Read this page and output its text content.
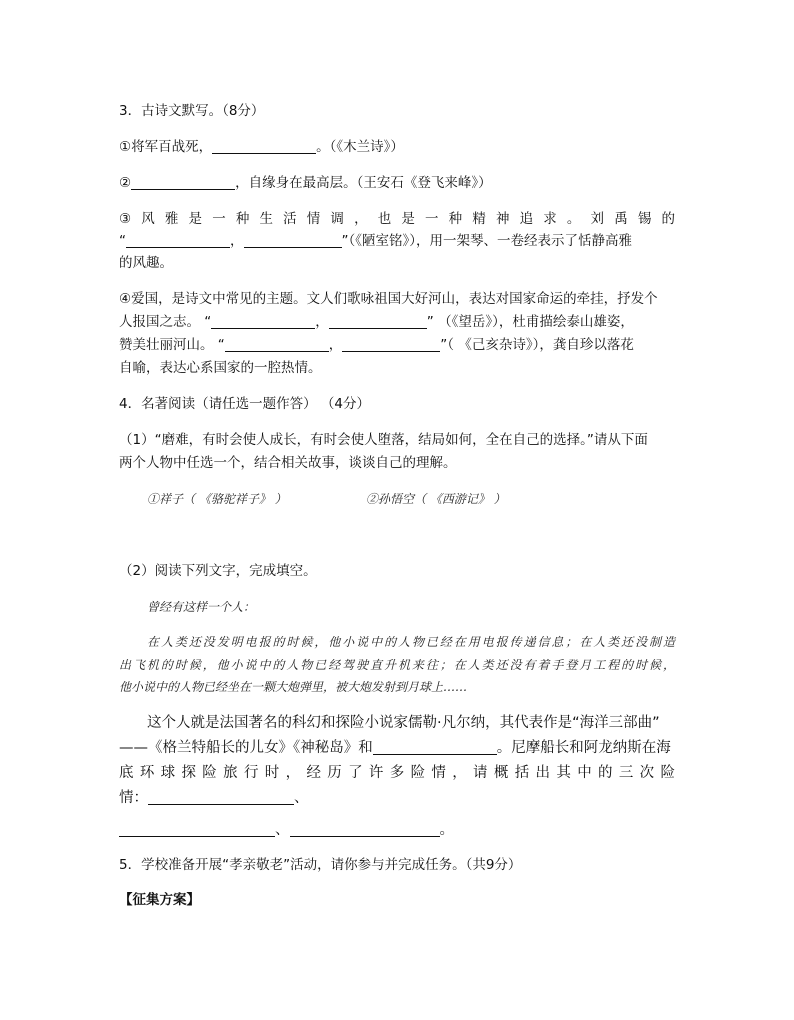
3．古诗文默写。（8分）
①将军百战死，	。（《木兰诗》）
②	，自缘身在最高层。（王安石《登飞来峰》）
③风雅是一种生活情调，也是一种精神追求。刘禹锡的
“	，	”（《陋室铭》），用一架琴、一卷经表示了恬静高雅
的风趣。
④爱国，是诗文中常见的主题。文人们歌咏祖国大好河山，表达对国家命运的牵挂，抒发个
人报国之志。 “	，	” （《望岳》），杜甫描绘泰山雄姿，
赞美壮丽河山。 “	，	”（ 《己亥杂诗》），龚自珍以落花
自喻，表达心系国家的一腔热情。
4．名著阅读（请任选一题作答） （4分）
（1）“磨难，有时会使人成长，有时会使人堕落，结局如何，全在自己的选择。”请从下面
两个人物中任选一个，结合相关故事，谈谈自己的理解。
①祥子（ 《骆驼祥子》 ）	②孙悟空（ 《西游记》 ）
（2）阅读下列文字，完成填空。
曾经有这样一个人：
在人类还没发明电报的时候，他小说中的人物已经在用电报传递信息；在人类还没制造
出飞机的时候，他小说中的人物已经驾驶直升机来往；在人类还没有着手登月工程的时候，
他小说中的人物已经坐在一颗大炮弹里，被大炮发射到月球上……
这个人就是法国著名的科幻和探险小说家儒勒·凡尔纳，其代表作是“海洋三部曲”
——《格兰特船长的儿女》《神秘岛》和	。尼摩船长和阿龙纳斯在海
底环球探险旅行时，经历了许多险情，请概括出其中的三次险
情：	、
、	。
5．学校准备开展“孝亲敬老”活动，请你参与并完成任务。（共9分）
【征集方案】
